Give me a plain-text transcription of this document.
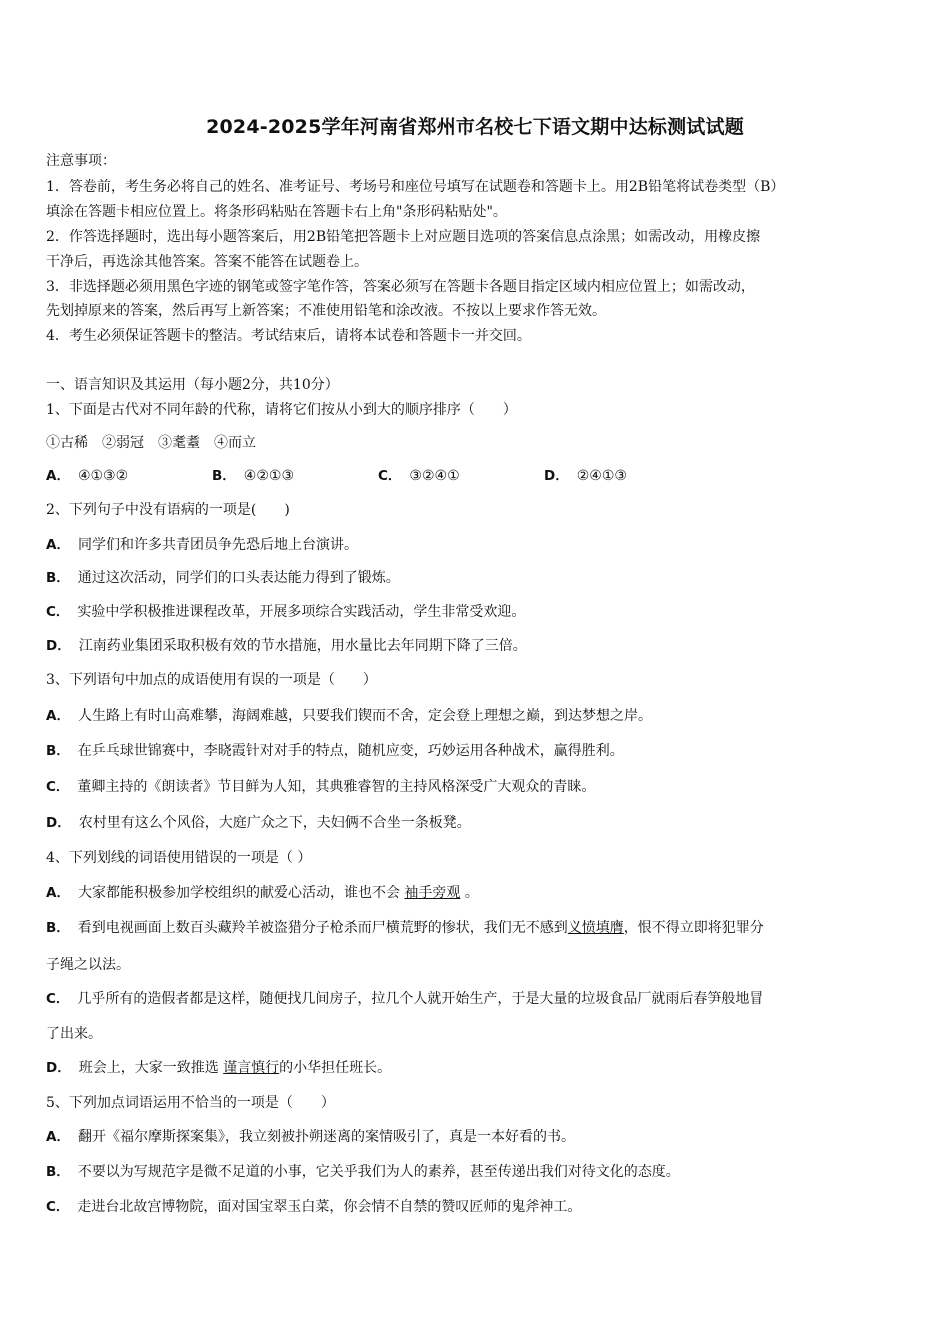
2024-2025学年河南省郑州市名校七下语文期中达标测试试题
注意事项：
1．答卷前，考生务必将自己的姓名、准考证号、考场号和座位号填写在试题卷和答题卡上。用2B铅笔将试卷类型（B）
填涂在答题卡相应位置上。将条形码粘贴在答题卡右上角"条形码粘贴处"。
2．作答选择题时，选出每小题答案后，用2B铅笔把答题卡上对应题目选项的答案信息点涂黑；如需改动，用橡皮擦
干净后，再选涂其他答案。答案不能答在试题卷上。
3．非选择题必须用黑色字迹的钢笔或签字笔作答，答案必须写在答题卡各题目指定区域内相应位置上；如需改动，
先划掉原来的答案，然后再写上新答案；不准使用铅笔和涂改液。不按以上要求作答无效。
4．考生必须保证答题卡的整洁。考试结束后，请将本试卷和答题卡一并交回。
一、语言知识及其运用（每小题2分，共10分）
1、下面是古代对不同年龄的代称，请将它们按从小到大的顺序排序（　　）
①古稀　②弱冠　③耄耋　④而立
A． ④①③②	B． ④②①③	C． ③②④①	D． ②④①③
2、下列句子中没有语病的一项是(　　)
A． 同学们和许多共青团员争先恐后地上台演讲。
B． 通过这次活动，同学们的口头表达能力得到了锻炼。
C． 实验中学积极推进课程改革，开展多项综合实践活动，学生非常受欢迎。
D． 江南药业集团采取积极有效的节水措施，用水量比去年同期下降了三倍。
3、下列语句中加点的成语使用有误的一项是（　　）
A． 人生路上有时山高难攀，海阔难越，只要我们锲而不舍，定会登上理想之巅，到达梦想之岸。
B． 在乒乓球世锦赛中，李晓霞针对对手的特点，随机应变，巧妙运用各种战术，赢得胜利。
C． 董卿主持的《朗读者》节目鲜为人知，其典雅睿智的主持风格深受广大观众的青睐。
D． 农村里有这么个风俗，大庭广众之下，夫妇俩不合坐一条板凳。
4、下列划线的词语使用错误的一项是（ ）
A． 大家都能积极参加学校组织的献爱心活动，谁也不会 袖手旁观 。
B． 看到电视画面上数百头藏羚羊被盗猎分子枪杀而尸横荒野的惨状，我们无不感到义愤填膺，恨不得立即将犯罪分
子绳之以法。
C． 几乎所有的造假者都是这样，随便找几间房子，拉几个人就开始生产，于是大量的垃圾食品厂就雨后春笋般地冒
了出来。
D． 班会上，大家一致推选 谨言慎行的小华担任班长。
5、下列加点词语运用不恰当的一项是（　　）
A． 翻开《福尔摩斯探案集》，我立刻被扑朔迷离的案情吸引了，真是一本好看的书。
B． 不要以为写规范字是微不足道的小事，它关乎我们为人的素养，甚至传递出我们对待文化的态度。
C． 走进台北故宫博物院，面对国宝翠玉白菜，你会情不自禁的赞叹匠师的鬼斧神工。
